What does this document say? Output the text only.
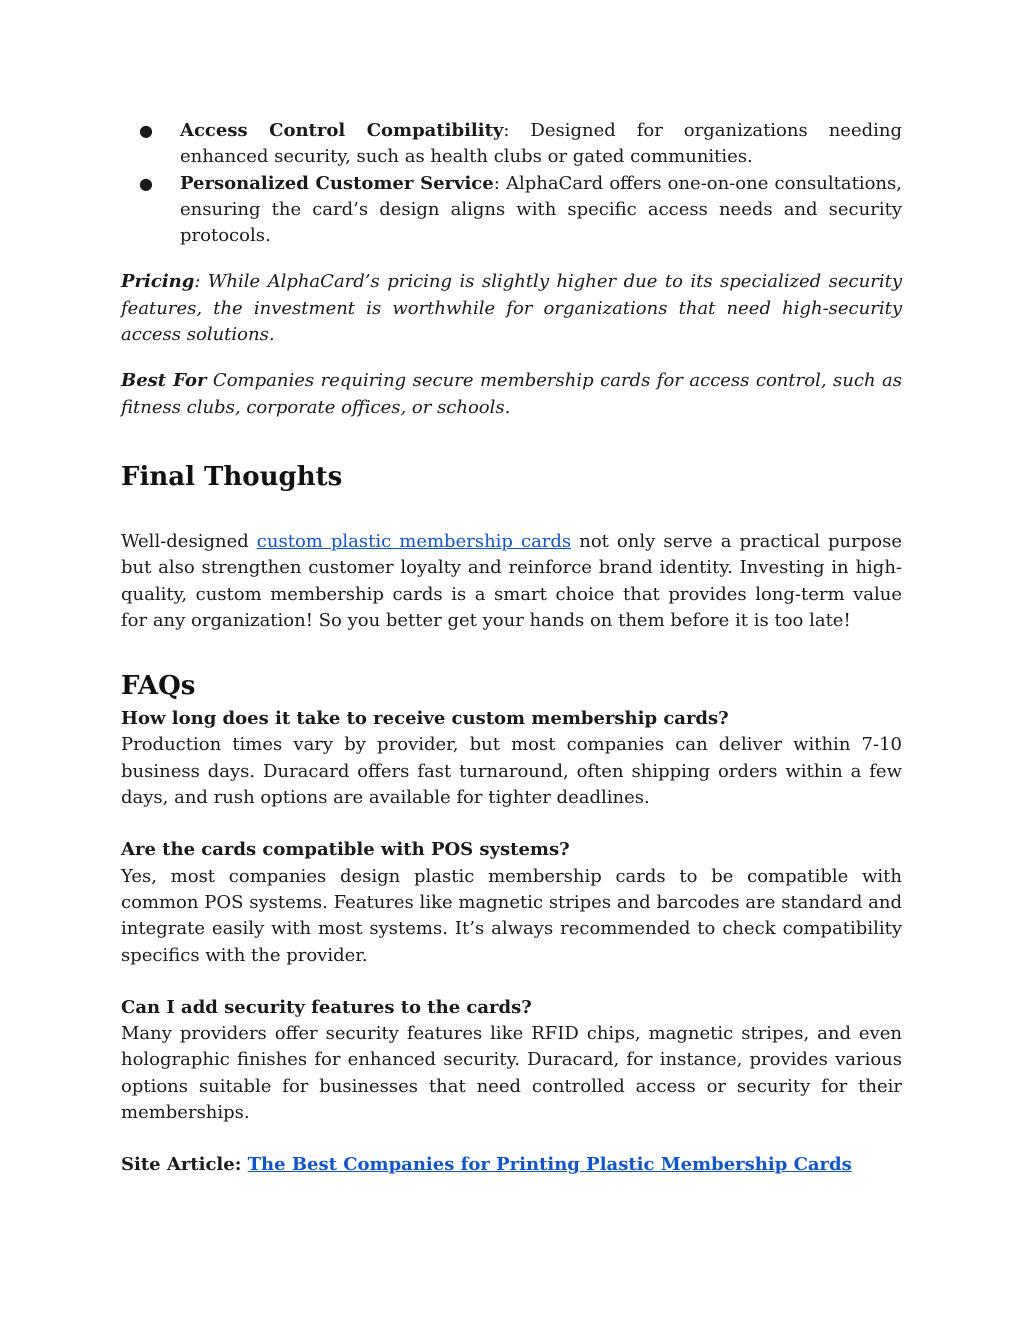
● Access Control Compatibility: Designed for organizations needing enhanced security, such as health clubs or gated communities.
● Personalized Customer Service: AlphaCard offers one-on-one consultations, ensuring the card’s design aligns with specific access needs and security protocols.

Pricing: While AlphaCard’s pricing is slightly higher due to its specialized security features, the investment is worthwhile for organizations that need high-security access solutions.

Best For Companies requiring secure membership cards for access control, such as fitness clubs, corporate offices, or schools.

Final Thoughts

Well-designed custom plastic membership cards not only serve a practical purpose but also strengthen customer loyalty and reinforce brand identity. Investing in high-quality, custom membership cards is a smart choice that provides long-term value for any organization! So you better get your hands on them before it is too late!

FAQs

How long does it take to receive custom membership cards?

Production times vary by provider, but most companies can deliver within 7-10 business days. Duracard offers fast turnaround, often shipping orders within a few days, and rush options are available for tighter deadlines.

Are the cards compatible with POS systems?

Yes, most companies design plastic membership cards to be compatible with common POS systems. Features like magnetic stripes and barcodes are standard and integrate easily with most systems. It’s always recommended to check compatibility specifics with the provider.

Can I add security features to the cards?

Many providers offer security features like RFID chips, magnetic stripes, and even holographic finishes for enhanced security. Duracard, for instance, provides various options suitable for businesses that need controlled access or security for their memberships.

Site Article: The Best Companies for Printing Plastic Membership Cards
